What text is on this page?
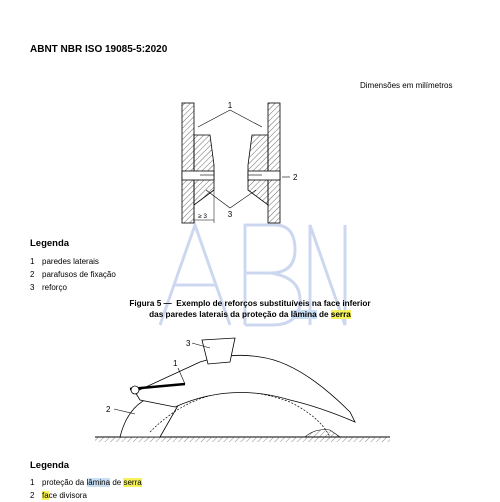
ABNT NBR ISO 19085-5:2020
Dimensões em milímetros
1
2
3
≥ 3
Legenda
1 paredes laterais
2 parafusos de fixação
3 reforço
Figura 5 — Exemplo de reforços substituíveis na face inferior
das paredes laterais da proteção da lâmina de serra
3
1
2
Legenda
1 proteção da lâmina de serra
2 face divisora
